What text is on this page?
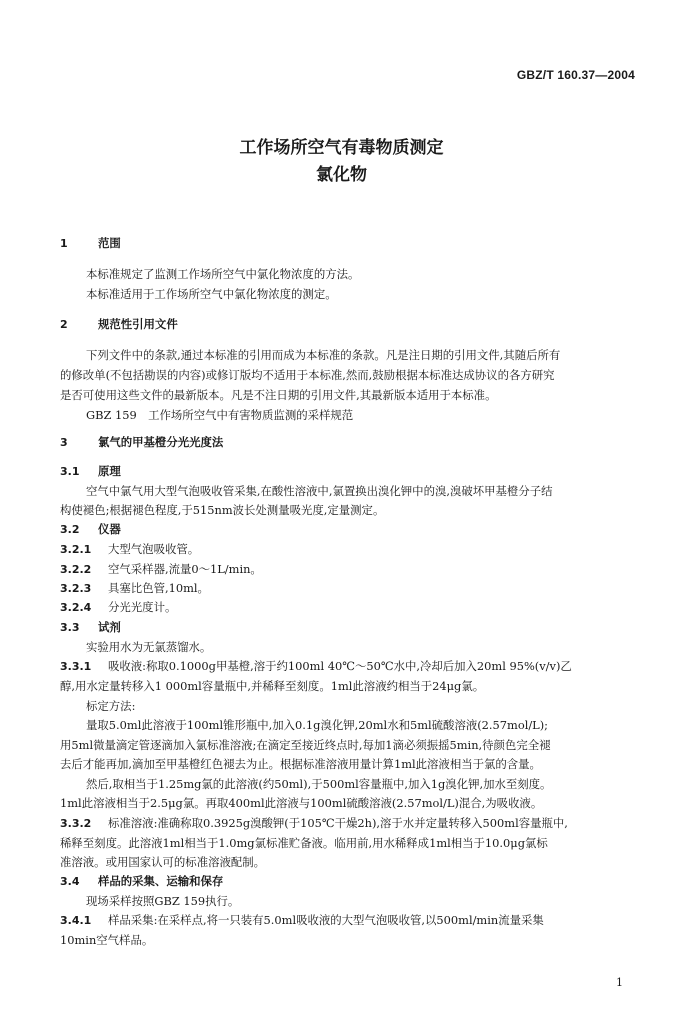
GBZ/T 160.37—2004
工作场所空气有毒物质测定
氯化物
1	范围
本标准规定了监测工作场所空气中氯化物浓度的方法。
本标准适用于工作场所空气中氯化物浓度的测定。
2	规范性引用文件
下列文件中的条款,通过本标准的引用而成为本标准的条款。凡是注日期的引用文件,其随后所有
的修改单(不包括勘误的内容)或修订版均不适用于本标准,然而,鼓励根据本标准达成协议的各方研究
是否可使用这些文件的最新版本。凡是不注日期的引用文件,其最新版本适用于本标准。
GBZ 159　工作场所空气中有害物质监测的采样规范
3	氯气的甲基橙分光光度法
3.1 原理
空气中氯气用大型气泡吸收管采集,在酸性溶液中,氯置换出溴化钾中的溴,溴破坏甲基橙分子结
构使褪色;根据褪色程度,于515nm波长处测量吸光度,定量测定。
3.2 仪器
3.2.1 大型气泡吸收管。
3.2.2 空气采样器,流量0～1L/min。
3.2.3 具塞比色管,10ml。
3.2.4 分光光度计。
3.3 试剂
实验用水为无氯蒸馏水。
3.3.1 吸收液:称取0.1000g甲基橙,溶于约100ml 40℃～50℃水中,冷却后加入20ml 95%(v/v)乙
醇,用水定量转移入1 000ml容量瓶中,并稀释至刻度。1ml此溶液约相当于24μg氯。
标定方法:
量取5.0ml此溶液于100ml锥形瓶中,加入0.1g溴化钾,20ml水和5ml硫酸溶液(2.57mol/L);
用5ml微量滴定管逐滴加入氯标准溶液;在滴定至接近终点时,每加1滴必须振摇5min,待颜色完全褪
去后才能再加,滴加至甲基橙红色褪去为止。根据标准溶液用量计算1ml此溶液相当于氯的含量。
然后,取相当于1.25mg氯的此溶液(约50ml),于500ml容量瓶中,加入1g溴化钾,加水至刻度。
1ml此溶液相当于2.5μg氯。再取400ml此溶液与100ml硫酸溶液(2.57mol/L)混合,为吸收液。
3.3.2 标准溶液:准确称取0.3925g溴酸钾(于105℃干燥2h),溶于水并定量转移入500ml容量瓶中,
稀释至刻度。此溶液1ml相当于1.0mg氯标准贮备液。临用前,用水稀释成1ml相当于10.0μg氯标
准溶液。或用国家认可的标准溶液配制。
3.4 样品的采集、运输和保存
现场采样按照GBZ 159执行。
3.4.1 样品采集:在采样点,将一只装有5.0ml吸收液的大型气泡吸收管,以500ml/min流量采集
10min空气样品。
1
